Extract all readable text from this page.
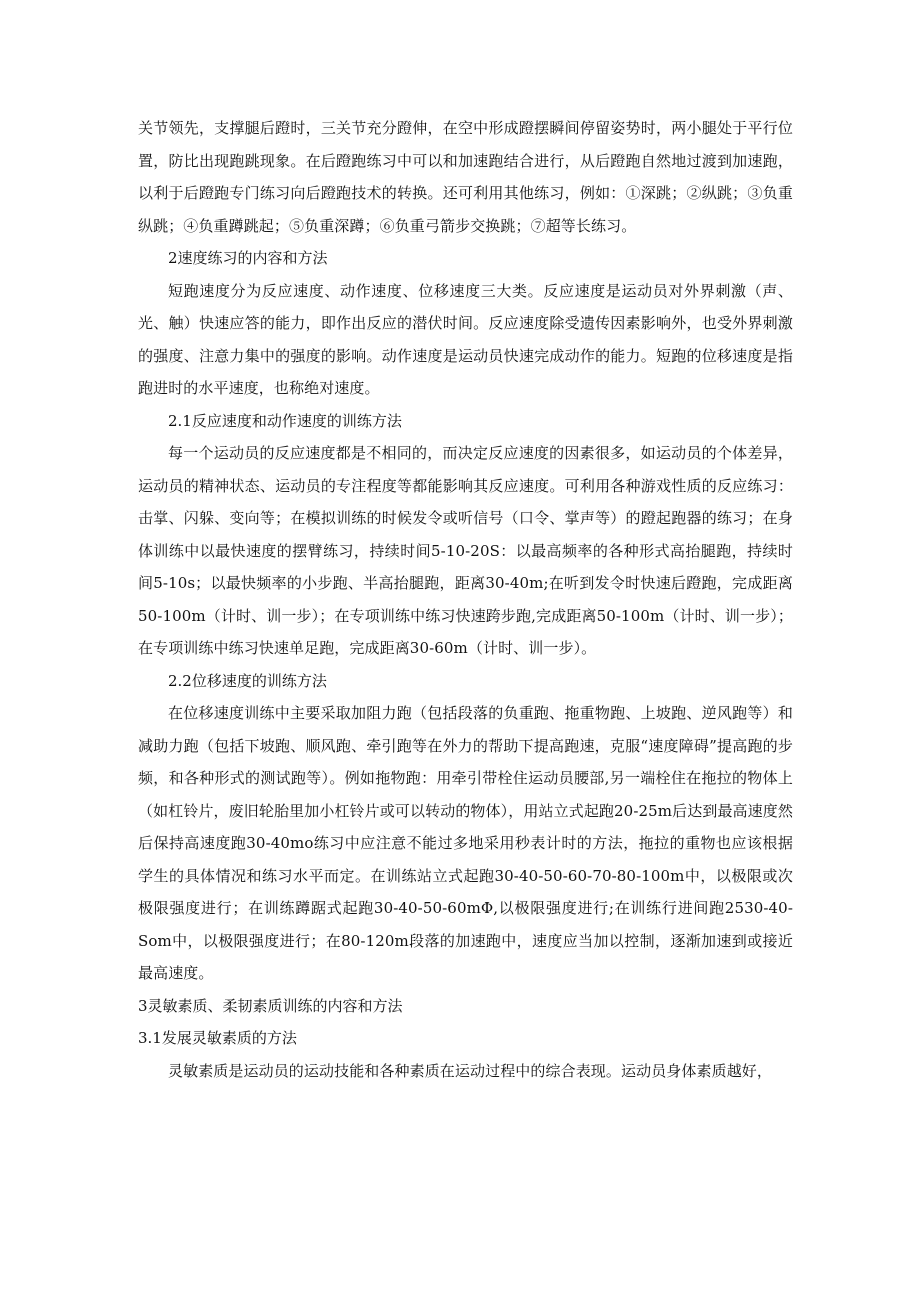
关节领先，支撑腿后蹬时，三关节充分蹬伸，在空中形成蹬摆瞬间停留姿势时，两小腿处于平行位置，防比出现跑跳现象。在后蹬跑练习中可以和加速跑结合进行，从后蹬跑自然地过渡到加速跑，以利于后蹬跑专门练习向后蹬跑技术的转换。还可利用其他练习，例如：①深跳；②纵跳；③负重纵跳；④负重蹲跳起；⑤负重深蹲；⑥负重弓箭步交换跳；⑦超等长练习。

2速度练习的内容和方法

短跑速度分为反应速度、动作速度、位移速度三大类。反应速度是运动员对外界刺激（声、光、触）快速应答的能力，即作出反应的潜伏时间。反应速度除受遗传因素影响外，也受外界刺激的强度、注意力集中的强度的影响。动作速度是运动员快速完成动作的能力。短跑的位移速度是指跑进时的水平速度，也称绝对速度。

2.1反应速度和动作速度的训练方法

每一个运动员的反应速度都是不相同的，而决定反应速度的因素很多，如运动员的个体差异，运动员的精神状态、运动员的专注程度等都能影响其反应速度。可利用各种游戏性质的反应练习：击掌、闪躲、变向等；在模拟训练的时候发令或听信号（口令、掌声等）的蹬起跑器的练习；在身体训练中以最快速度的摆臂练习，持续时间5-10-20S：以最高频率的各种形式高抬腿跑，持续时间5-10s；以最快频率的小步跑、半高抬腿跑，距离30-40m;在听到发令时快速后蹬跑，完成距离50-100m（计时、训一步）；在专项训练中练习快速跨步跑,完成距离50-100m（计时、训一步）；在专项训练中练习快速单足跑，完成距离30-60m（计时、训一步）。

2.2位移速度的训练方法

在位移速度训练中主要采取加阻力跑（包括段落的负重跑、拖重物跑、上坡跑、逆风跑等）和减助力跑（包括下坡跑、顺风跑、牵引跑等在外力的帮助下提高跑速，克服“速度障碍”提高跑的步频，和各种形式的测试跑等）。例如拖物跑：用牵引带栓住运动员腰部,另一端栓住在拖拉的物体上（如杠铃片，废旧轮胎里加小杠铃片或可以转动的物体），用站立式起跑20-25m后达到最高速度然后保持高速度跑30-40mo练习中应注意不能过多地采用秒表计时的方法，拖拉的重物也应该根据学生的具体情况和练习水平而定。在训练站立式起跑30-40-50-60-70-80-100m中，以极限或次极限强度进行；在训练蹲踞式起跑30-40-50-60mΦ,以极限强度进行;在训练行进间跑2530-40-Som中，以极限强度进行；在80-120m段落的加速跑中，速度应当加以控制，逐渐加速到或接近最高速度。

3灵敏素质、柔韧素质训练的内容和方法

3.1发展灵敏素质的方法

灵敏素质是运动员的运动技能和各种素质在运动过程中的综合表现。运动员身体素质越好，
